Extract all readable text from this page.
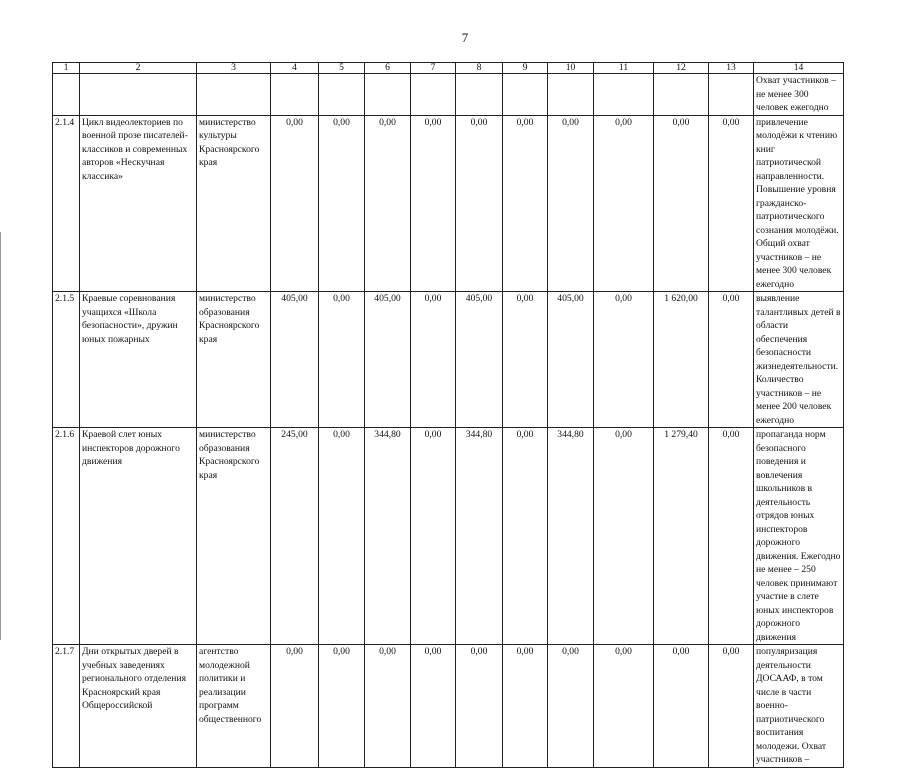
7
1	2	3	4	5	6	7	8	9	10	11	12	13	14
													Охват участников – не менее 300 человек ежегодно
2.1.4	Цикл видеолекториев по военной прозе писателей-классиков и современных авторов «Нескучная классика»	министерство культуры Красноярского края	0,00	0,00	0,00	0,00	0,00	0,00	0,00	0,00	0,00	0,00	привлечение молодёжи к чтению книг патриотической направленности. Повышение уровня гражданско-патриотического сознания молодёжи. Общий охват участников – не менее 300 человек ежегодно
2.1.5	Краевые соревнования учащихся «Школа безопасности», дружин юных пожарных	министерство образования Красноярского края	405,00	0,00	405,00	0,00	405,00	0,00	405,00	0,00	1 620,00	0,00	выявление талантливых детей в области обеспечения безопасности жизнедеятельности. Количество участников – не менее 200 человек ежегодно
2.1.6	Краевой слет юных инспекторов дорожного движения	министерство образования Красноярского края	245,00	0,00	344,80	0,00	344,80	0,00	344,80	0,00	1 279,40	0,00	пропаганда норм безопасного поведения и вовлечения школьников в деятельность отрядов юных инспекторов дорожного движения. Ежегодно не менее – 250 человек принимают участие в слете юных инспекторов дорожного движения
2.1.7	Дни открытых дверей в учебных заведениях регионального отделения Красноярский края Общероссийской	агентство молодежной политики и реализации программ общественного	0,00	0,00	0,00	0,00	0,00	0,00	0,00	0,00	0,00	0,00	популяризация деятельности ДОСААФ, в том числе в части военно-патриотического воспитания молодежи. Охват участников –
